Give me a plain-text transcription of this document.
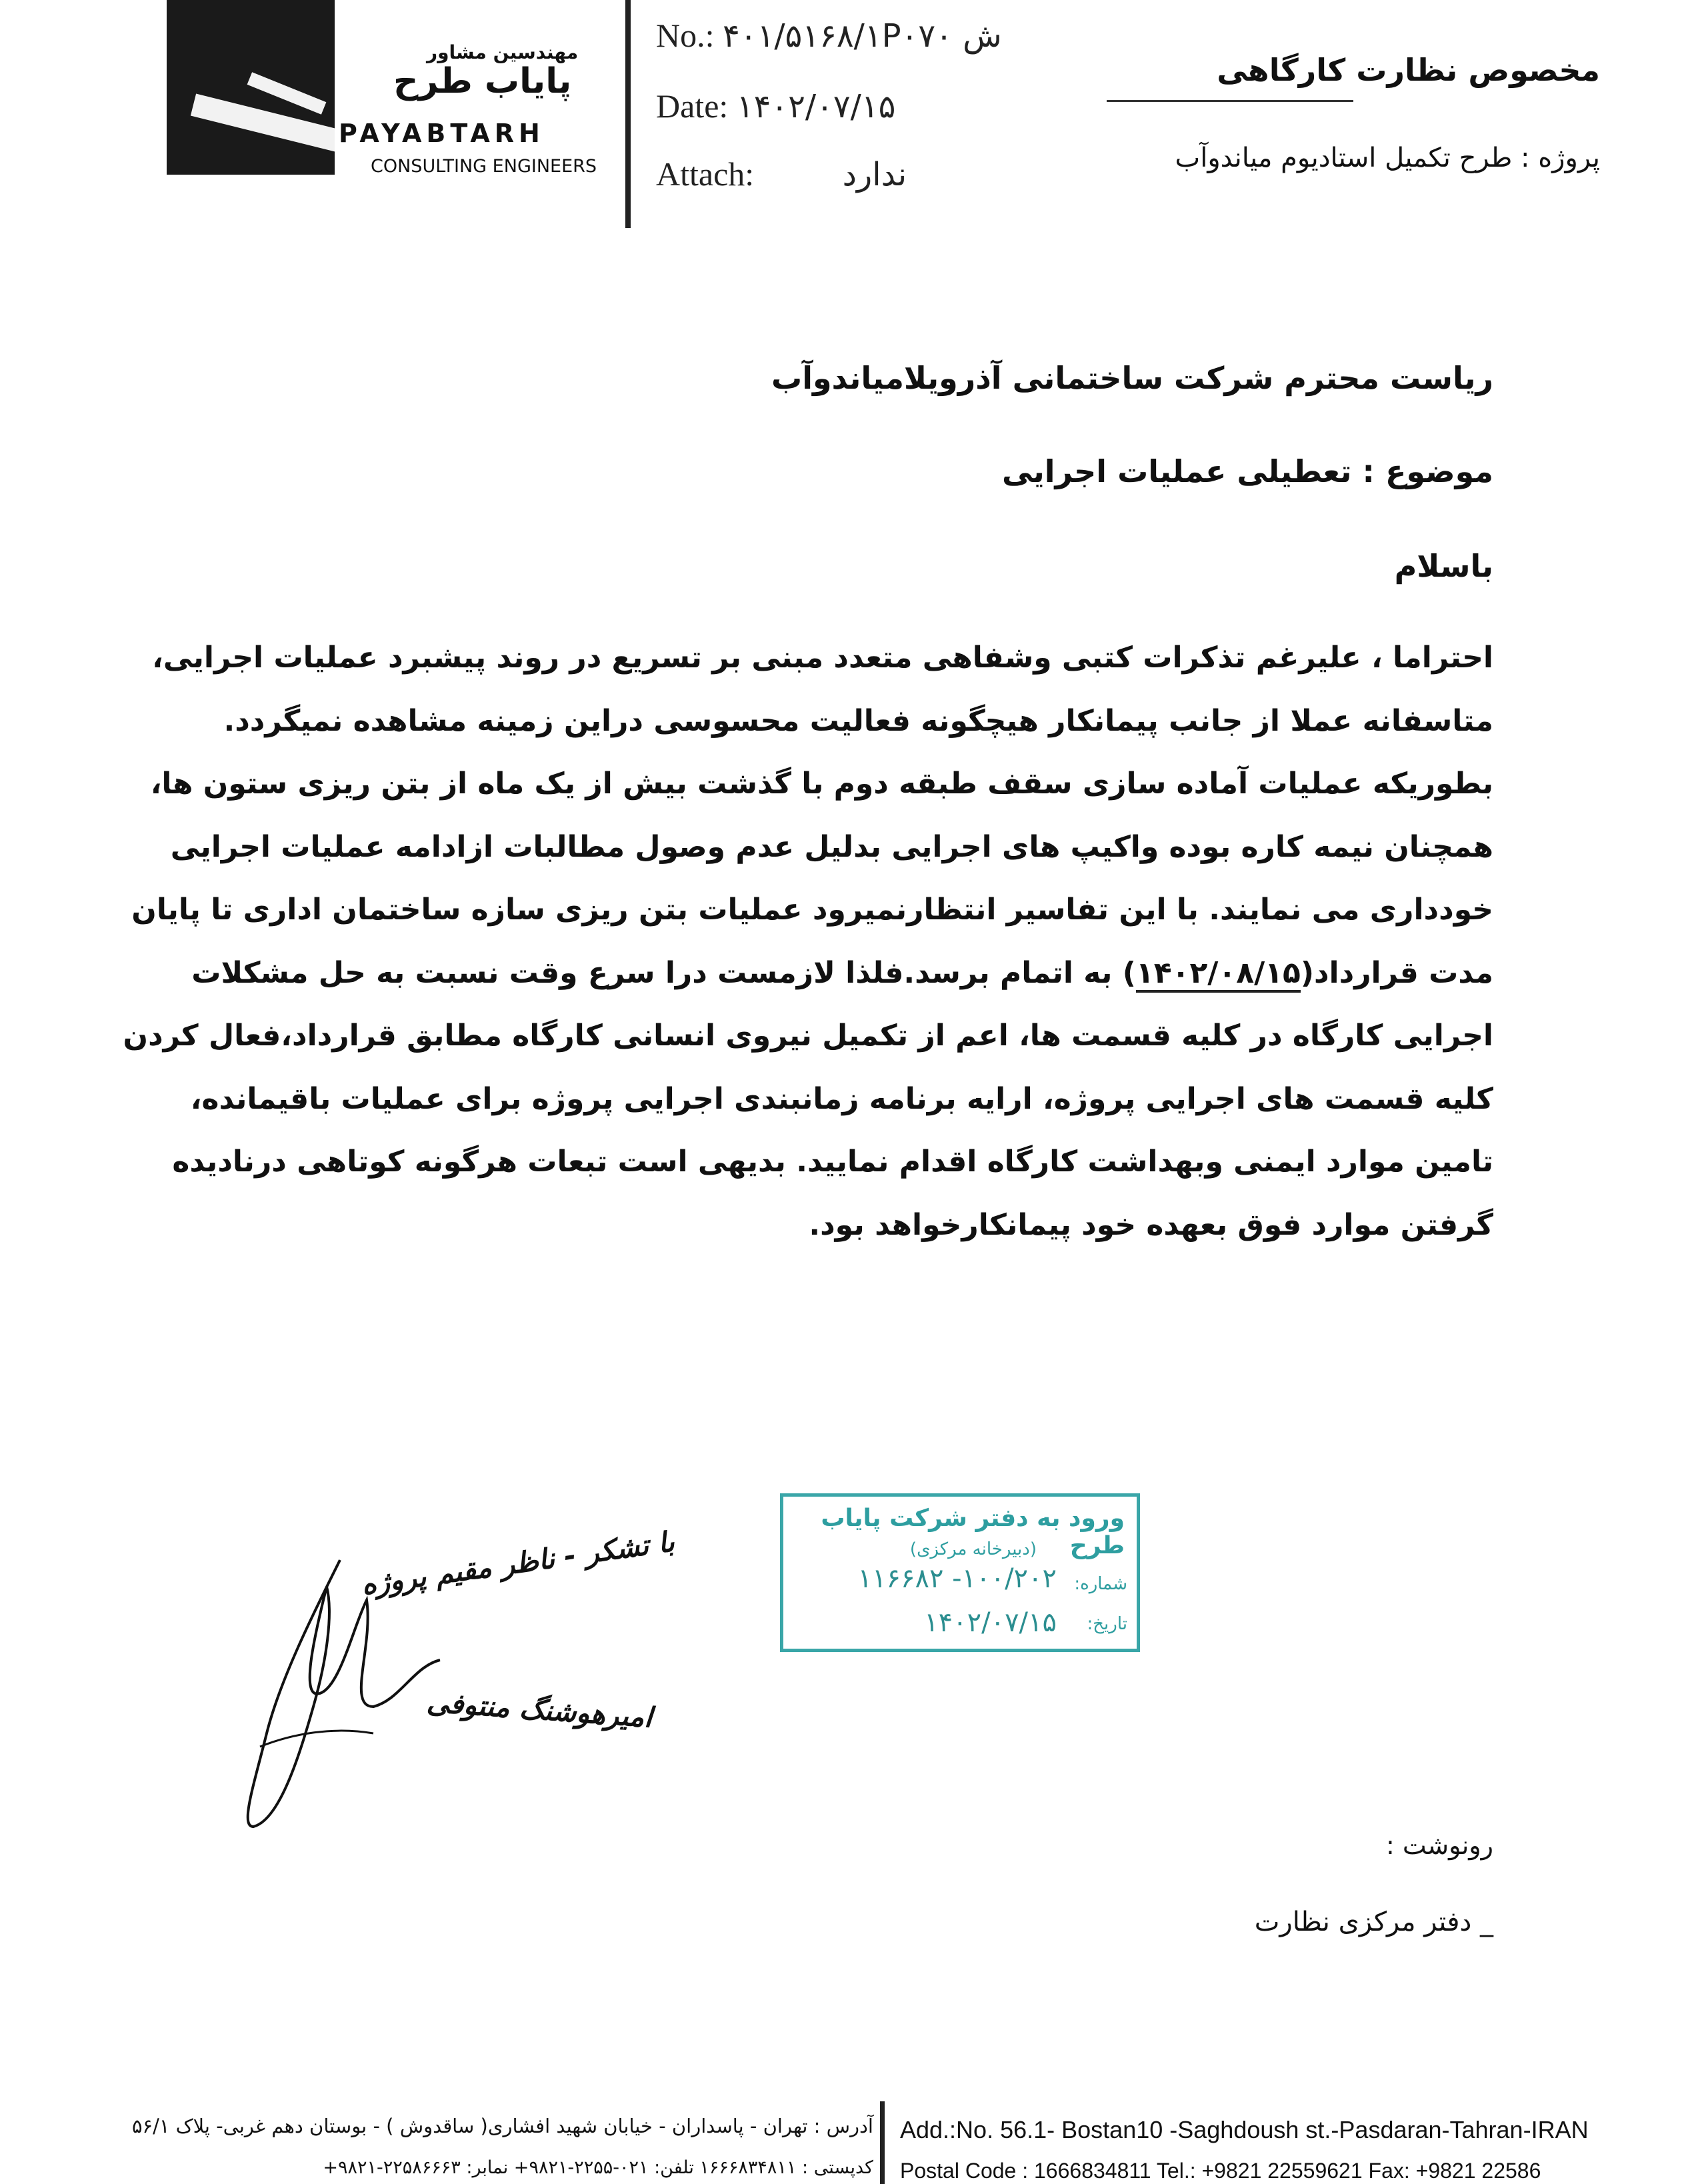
مهندسین مشاور
پایاب طرح
PAYABTARH
CONSULTING ENGINEERS
No.: ۴۰۱/۵۱۶۸/۱P۰۷۰ ش
Date: ۱۴۰۲/۰۷/۱۵
Attach:	ندارد
مخصوص نظارت کارگاهی
پروژه : طرح تکمیل استادیوم میاندوآب
ریاست محترم شرکت ساختمانی آذرویلامیاندوآب
موضوع : تعطیلی عملیات اجرایی
باسلام

احتراما ، علیرغم تذکرات کتبی وشفاهی متعدد مبنی بر تسریع در روند پیشبرد عملیات اجرایی،

متاسفانه عملا از جانب پیمانکار هیچگونه فعالیت محسوسی دراین زمینه مشاهده نمیگردد.

بطوریکه عملیات آماده سازی سقف طبقه دوم با گذشت بیش از یک ماه از بتن ریزی ستون ها،

همچنان نیمه کاره بوده واکیپ های اجرایی بدلیل عدم وصول مطالبات ازادامه عملیات اجرایی

خودداری می نمایند. با این تفاسیر انتظارنمیرود عملیات بتن ریزی سازه ساختمان اداری تا پایان

مدت قرارداد(۱۴۰۲/۰۸/۱۵) به اتمام برسد.فلذا لازمست درا سرع وقت نسبت به حل مشکلات

اجرایی کارگاه در کلیه قسمت ها، اعم از تکمیل نیروی انسانی کارگاه مطابق قرارداد،فعال کردن

کلیه قسمت های اجرایی پروژه، ارایه برنامه زمانبندی اجرایی پروژه برای عملیات باقیمانده،

تامین موارد ایمنی وبهداشت کارگاه اقدام نمایید. بدیهی است تبعات هرگونه کوتاهی درنادیده

گرفتن موارد فوق بعهده خود پیمانکارخواهد بود.

ورود به دفتر شرکت پایاب طرح
(دبیرخانه مرکزی)
شماره:
۱۰۰/۲۰۲- ۱۱۶۶۸۲
تاریخ:
۱۴۰۲/۰۷/۱۵
با تشکر - ناظر مقیم پروژه
امیرهوشنگ منتوفی
رونوشت :
_ دفتر مرکزی نظارت
آدرس : تهران - پاسداران - خیابان شهید افشاری( ساقدوش ) - بوستان دهم غربی- پلاک ۵۶/۱
کدپستی : ۱۶۶۶۸۳۴۸۱۱ تلفن: ۰۲۱-۲۲۵۵-۹۸۲۱+ نمابر: ۲۲۵۸۶۶۶۳-۹۸۲۱+
Add.:No. 56.1- Bostan10 -Saghdoush st.-Pasdaran-Tahran-IRAN
Postal Code : 1666834811 Tel.: +9821 22559621 Fax: +9821 22586
